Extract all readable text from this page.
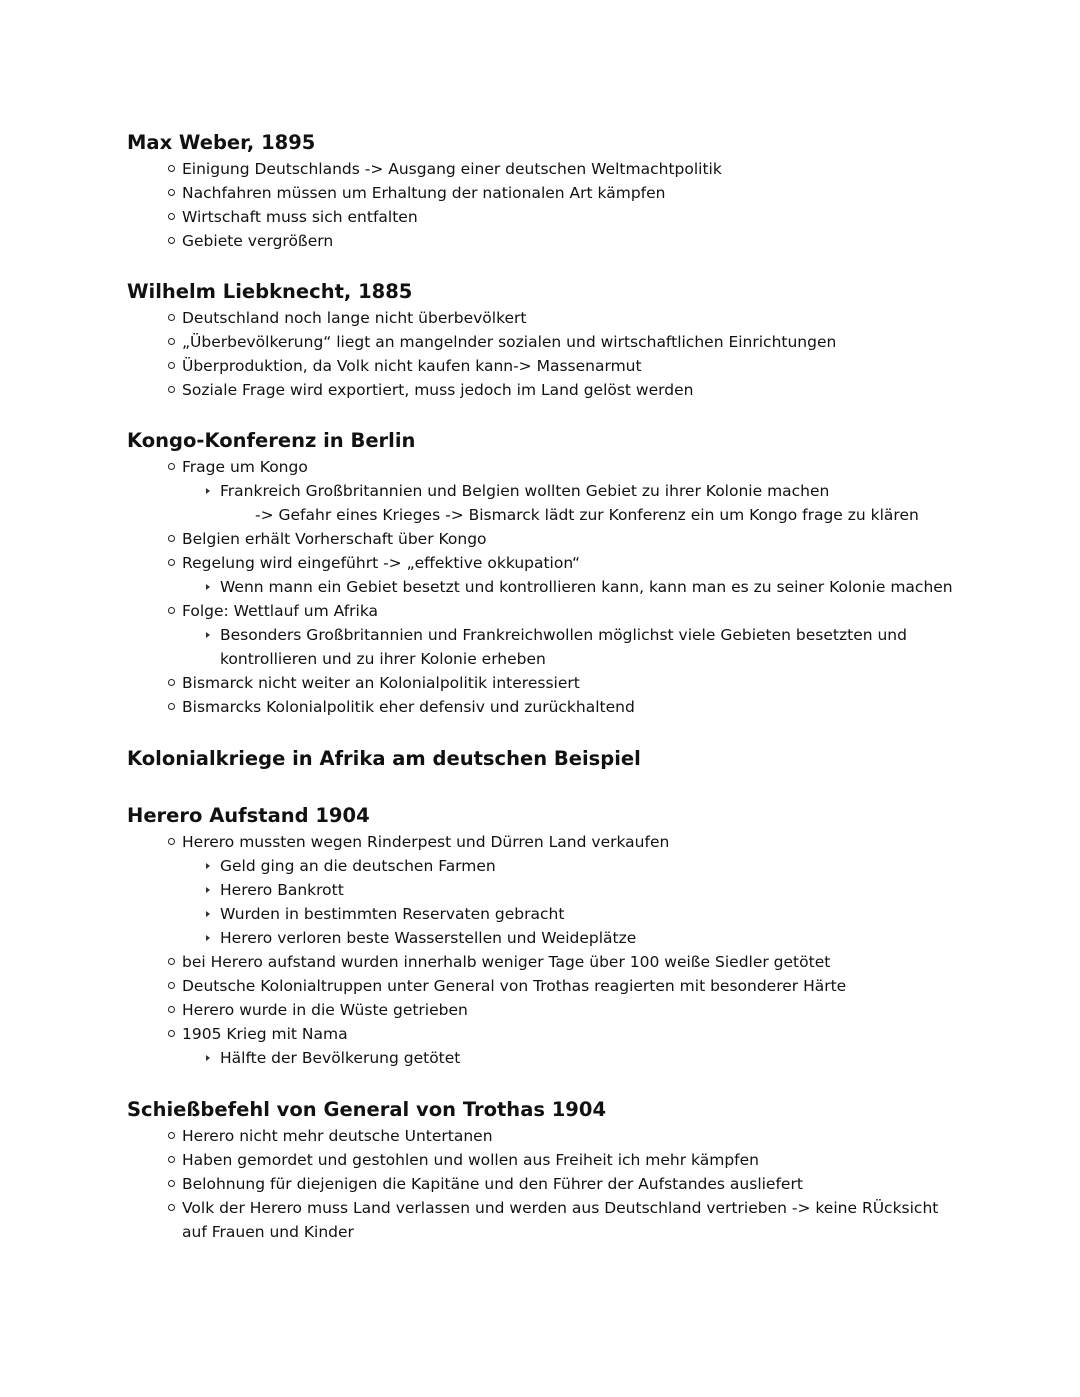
Max Weber, 1895
Einigung Deutschlands -> Ausgang einer deutschen Weltmachtpolitik
Nachfahren müssen um Erhaltung der nationalen Art kämpfen
Wirtschaft muss sich entfalten
Gebiete vergrößern
Wilhelm Liebknecht, 1885
Deutschland noch lange nicht überbevölkert
„Überbevölkerung“ liegt an mangelnder sozialen und wirtschaftlichen Einrichtungen
Überproduktion, da Volk nicht kaufen kann-> Massenarmut
Soziale Frage wird exportiert, muss jedoch im Land gelöst werden
Kongo-Konferenz in Berlin
Frage um Kongo
Frankreich Großbritannien und Belgien wollten Gebiet zu ihrer Kolonie machen
-> Gefahr eines Krieges -> Bismarck lädt zur Konferenz ein um Kongo frage zu klären
Belgien erhält Vorherschaft über Kongo
Regelung wird eingeführt -> „effektive okkupation“
Wenn mann ein Gebiet besetzt und kontrollieren kann, kann man es zu seiner Kolonie machen
Folge: Wettlauf um Afrika
Besonders Großbritannien und Frankreichwollen möglichst viele Gebieten besetzten und
kontrollieren und zu ihrer Kolonie erheben
Bismarck nicht weiter an Kolonialpolitik interessiert
Bismarcks Kolonialpolitik eher defensiv und zurückhaltend
Kolonialkriege in Afrika am deutschen Beispiel
Herero Aufstand 1904
Herero mussten wegen Rinderpest und Dürren Land verkaufen
Geld ging an die deutschen Farmen
Herero Bankrott
Wurden in bestimmten Reservaten gebracht
Herero verloren beste Wasserstellen und Weideplätze
bei Herero aufstand wurden innerhalb weniger Tage über 100 weiße Siedler getötet
Deutsche Kolonialtruppen unter General von Trothas reagierten mit besonderer Härte
Herero wurde in die Wüste getrieben
1905 Krieg mit Nama
Hälfte der Bevölkerung getötet
Schießbefehl von General von Trothas 1904
Herero nicht mehr deutsche Untertanen
Haben gemordet und gestohlen und wollen aus Freiheit ich mehr kämpfen
Belohnung für diejenigen die Kapitäne und den Führer der Aufstandes ausliefert
Volk der Herero muss Land verlassen und werden aus Deutschland vertrieben -> keine RÜcksicht
auf Frauen und Kinder
